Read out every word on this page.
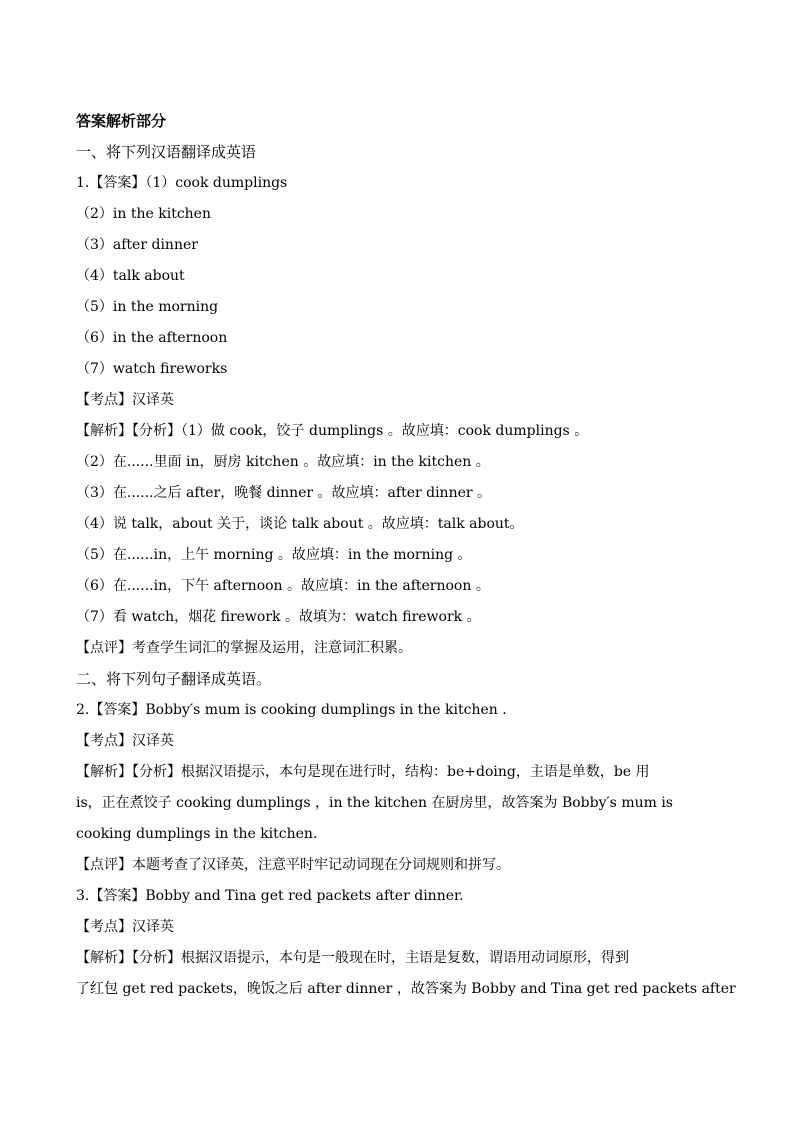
答案解析部分
一、将下列汉语翻译成英语
1.【答案】（1）cook dumplings
（2）in the kitchen
（3）after dinner
（4）talk about
（5）in the morning
（6）in the afternoon
（7）watch fireworks
【考点】汉译英
【解析】【分析】（1）做 cook，饺子 dumplings 。故应填：cook dumplings 。
（2）在......里面 in，厨房 kitchen 。故应填：in the kitchen 。
（3）在......之后 after，晚餐 dinner 。故应填：after dinner 。
（4）说 talk，about 关于，谈论 talk about 。故应填：talk about。
（5）在......in，上午 morning 。故应填：in the morning 。
（6）在......in，下午 afternoon 。故应填：in the afternoon 。
（7）看 watch，烟花 firework 。故填为：watch firework 。
【点评】考查学生词汇的掌握及运用，注意词汇积累。
二、将下列句子翻译成英语。
2.【答案】Bobby′s mum is cooking dumplings in the kitchen .
【考点】汉译英
【解析】【分析】根据汉语提示，本句是现在进行时，结构：be+doing，主语是单数，be 用
is，正在煮饺子 cooking dumplings ，in the kitchen 在厨房里，故答案为 Bobby′s mum is
cooking dumplings in the kitchen.
【点评】本题考查了汉译英，注意平时牢记动词现在分词规则和拼写。
3.【答案】Bobby and Tina get red packets after dinner.
【考点】汉译英
【解析】【分析】根据汉语提示，本句是一般现在时，主语是复数，谓语用动词原形，得到
了红包 get red packets，晚饭之后 after dinner ，故答案为 Bobby and Tina get red packets after
